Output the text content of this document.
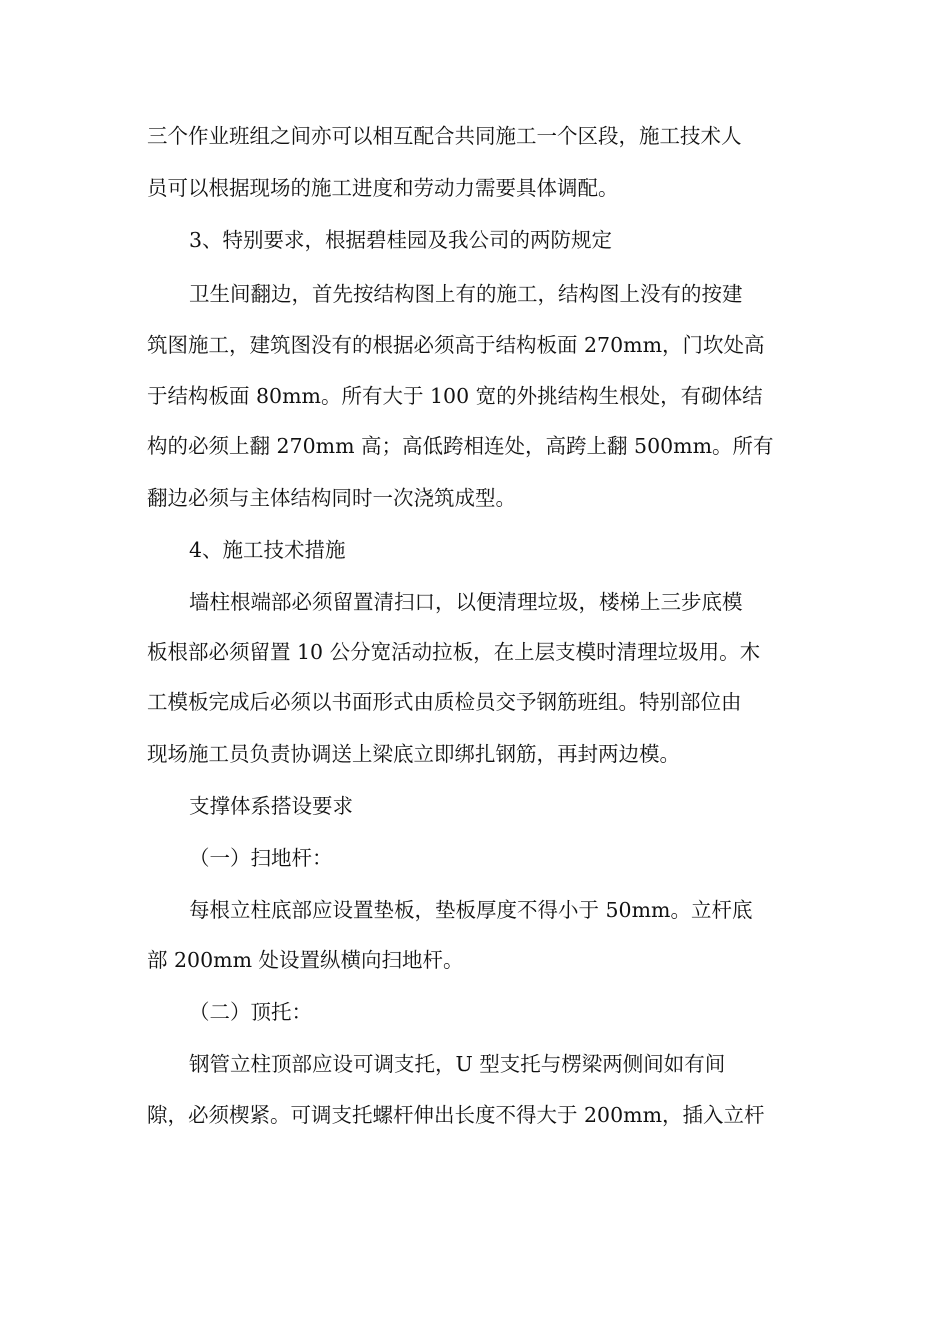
三个作业班组之间亦可以相互配合共同施工一个区段，施工技术人
员可以根据现场的施工进度和劳动力需要具体调配。
3、特别要求，根据碧桂园及我公司的两防规定
卫生间翻边，首先按结构图上有的施工，结构图上没有的按建
筑图施工，建筑图没有的根据必须高于结构板面 270mm，门坎处高
于结构板面 80mm。所有大于 100 宽的外挑结构生根处，有砌体结
构的必须上翻 270mm 高；高低跨相连处，高跨上翻 500mm。所有
翻边必须与主体结构同时一次浇筑成型。
4、施工技术措施
墙柱根端部必须留置清扫口，以便清理垃圾，楼梯上三步底模
板根部必须留置 10 公分宽活动拉板，在上层支模时清理垃圾用。木
工模板完成后必须以书面形式由质检员交予钢筋班组。特别部位由
现场施工员负责协调送上梁底立即绑扎钢筋，再封两边模。
支撑体系搭设要求
（一）扫地杆：
每根立柱底部应设置垫板，垫板厚度不得小于 50mm。立杆底
部 200mm 处设置纵横向扫地杆。
（二）顶托：
钢管立柱顶部应设可调支托，U 型支托与楞梁两侧间如有间
隙，必须楔紧。可调支托螺杆伸出长度不得大于 200mm，插入立杆
